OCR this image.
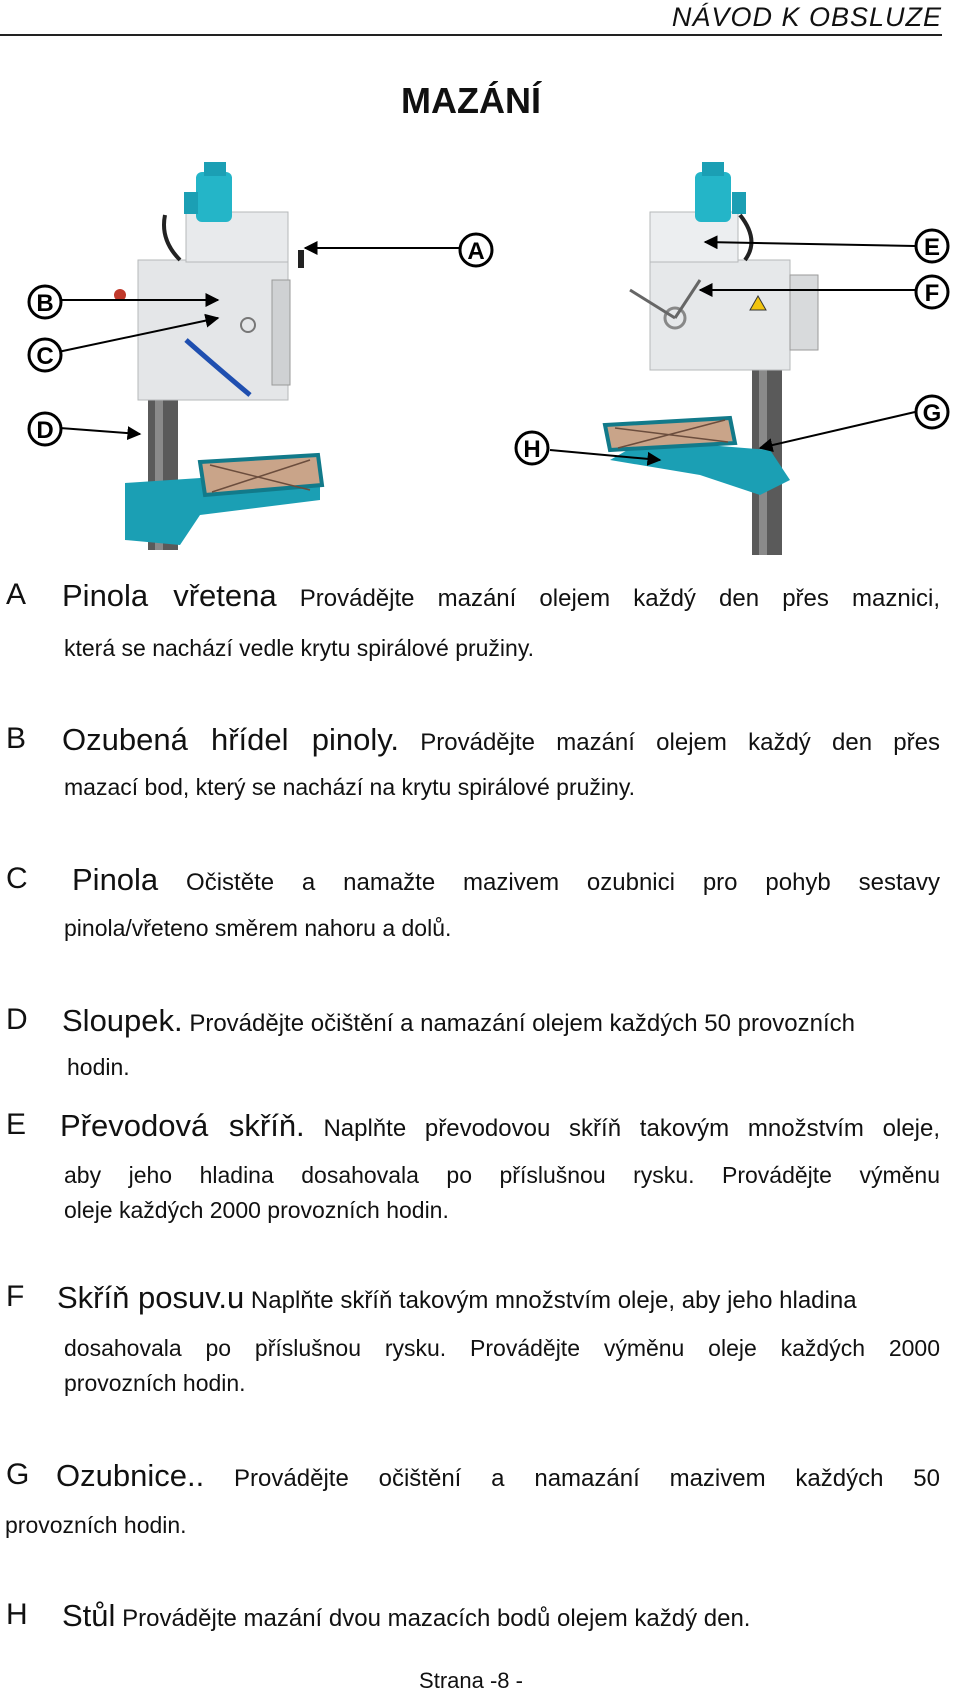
NÁVOD K OBSLUZE
MAZÁNÍ
A
B
C
D
E
F
G
H
A Pinola vřetena Provádějte mazání olejem každý den přes maznici,
která se nachází vedle krytu spirálové pružiny.
B Ozubená hřídel pinoly. Provádějte mazání olejem každý den přes
mazací bod, který se nachází na krytu spirálové pružiny.
C Pinola Očistěte a namažte mazivem ozubnici pro pohyb sestavy
pinola/vřeteno směrem nahoru a dolů.
D Sloupek. Provádějte očištění a namazání olejem každých 50 provozních
hodin.
E Převodová skříň. Naplňte převodovou skříň takovým množstvím oleje,
aby jeho hladina dosahovala po příslušnou rysku. Provádějte výměnu
oleje každých 2000 provozních hodin.
F Skříň posuv.u Naplňte skříň takovým množstvím oleje, aby jeho hladina
dosahovala po příslušnou rysku. Provádějte výměnu oleje každých 2000
provozních hodin.
G Ozubnice.. Provádějte očištění a namazání mazivem každých 50
provozních hodin.
H Stůl Provádějte mazání dvou mazacích bodů olejem každý den.
Strana -8 -
